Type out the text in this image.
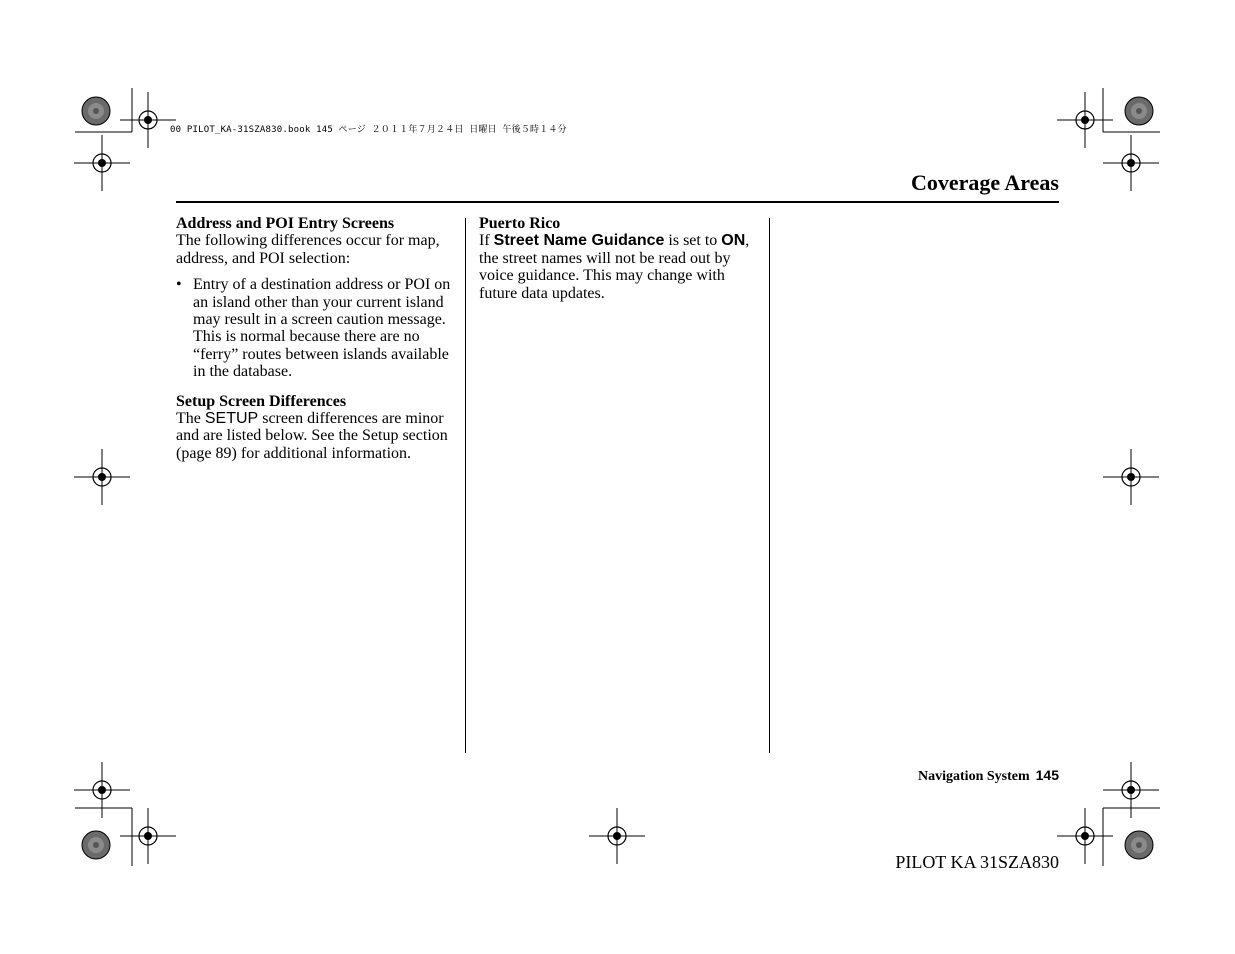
00 PILOT_KA-31SZA830.book 145 ページ ２０１１年７月２４日 日曜日 午後５時１４分
Coverage Areas

Address and POI Entry Screens

The following differences occur for map, address, and POI selection:

• Entry of a destination address or POI on an island other than your current island may result in a screen caution message. This is normal because there are no “ferry” routes between islands available in the database.

Setup Screen Differences

The SETUP screen differences are minor and are listed below. See the Setup section (page 89) for additional information.

Puerto Rico

If Street Name Guidance is set to ON, the street names will not be read out by voice guidance. This may change with future data updates.

Navigation System 145
PILOT KA 31SZA830
